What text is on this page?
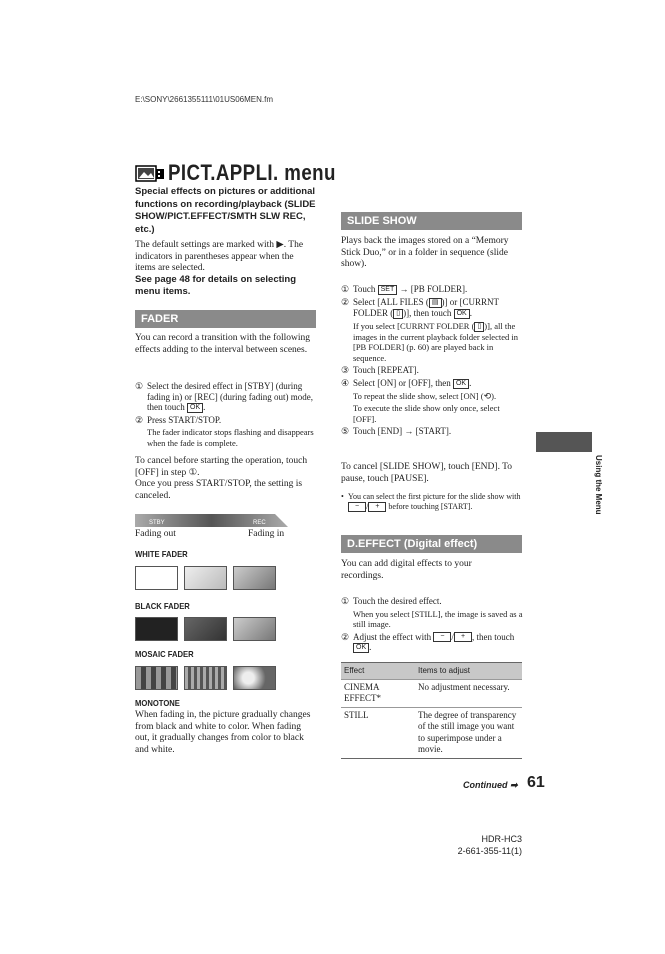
E:\SONY\2661355111\01US06MEN.fm
PICT.APPLI. menu
Special effects on pictures or additional functions on recording/playback (SLIDE SHOW/PICT.EFFECT/SMTH SLW REC, etc.)
The default settings are marked with ▶. The indicators in parentheses appear when the items are selected.
See page 48 for details on selecting menu items.
FADER
You can record a transition with the following effects adding to the interval between scenes.
① Select the desired effect in [STBY] (during fading in) or [REC] (during fading out) mode, then touch OK .
② Press START/STOP.
The fader indicator stops flashing and disappears when the fade is complete.
To cancel before starting the operation, touch [OFF] in step ①.
Once you press START/STOP, the setting is canceled.
STBY	REC
Fading out	Fading in
WHITE FADER
BLACK FADER
MOSAIC FADER
MONOTONE
When fading in, the picture gradually changes from black and white to color. When fading out, it gradually changes from color to black and white.
SLIDE SHOW
Plays back the images stored on a “Memory Stick Duo,” or in a folder in sequence (slide show).
① Touch SET → [PB FOLDER].
② Select [ALL FILES ( ▤ )] or [CURRNT FOLDER ( ▯ )], then touch OK .
If you select [CURRNT FOLDER ( ▯ )], all the images in the current playback folder selected in [PB FOLDER] (p. 60) are played back in sequence.
③ Touch [REPEAT].
④ Select [ON] or [OFF], then OK .
To repeat the slide show, select [ON] (⟲).
To execute the slide show only once, select [OFF].
⑤ Touch [END] → [START].
To cancel [SLIDE SHOW], touch [END]. To pause, touch [PAUSE].
• You can select the first picture for the slide show with − / + before touching [START].
D.EFFECT (Digital effect)
You can add digital effects to your recordings.
① Touch the desired effect.
When you select [STILL], the image is saved as a still image.
② Adjust the effect with − / + , then touch OK .
Effect	Items to adjust
CINEMA EFFECT*	No adjustment necessary.
STILL	The degree of transparency of the still image you want to superimpose under a movie.
Using the Menu
Continued ➡ 61
HDR-HC3
2-661-355-11(1)
